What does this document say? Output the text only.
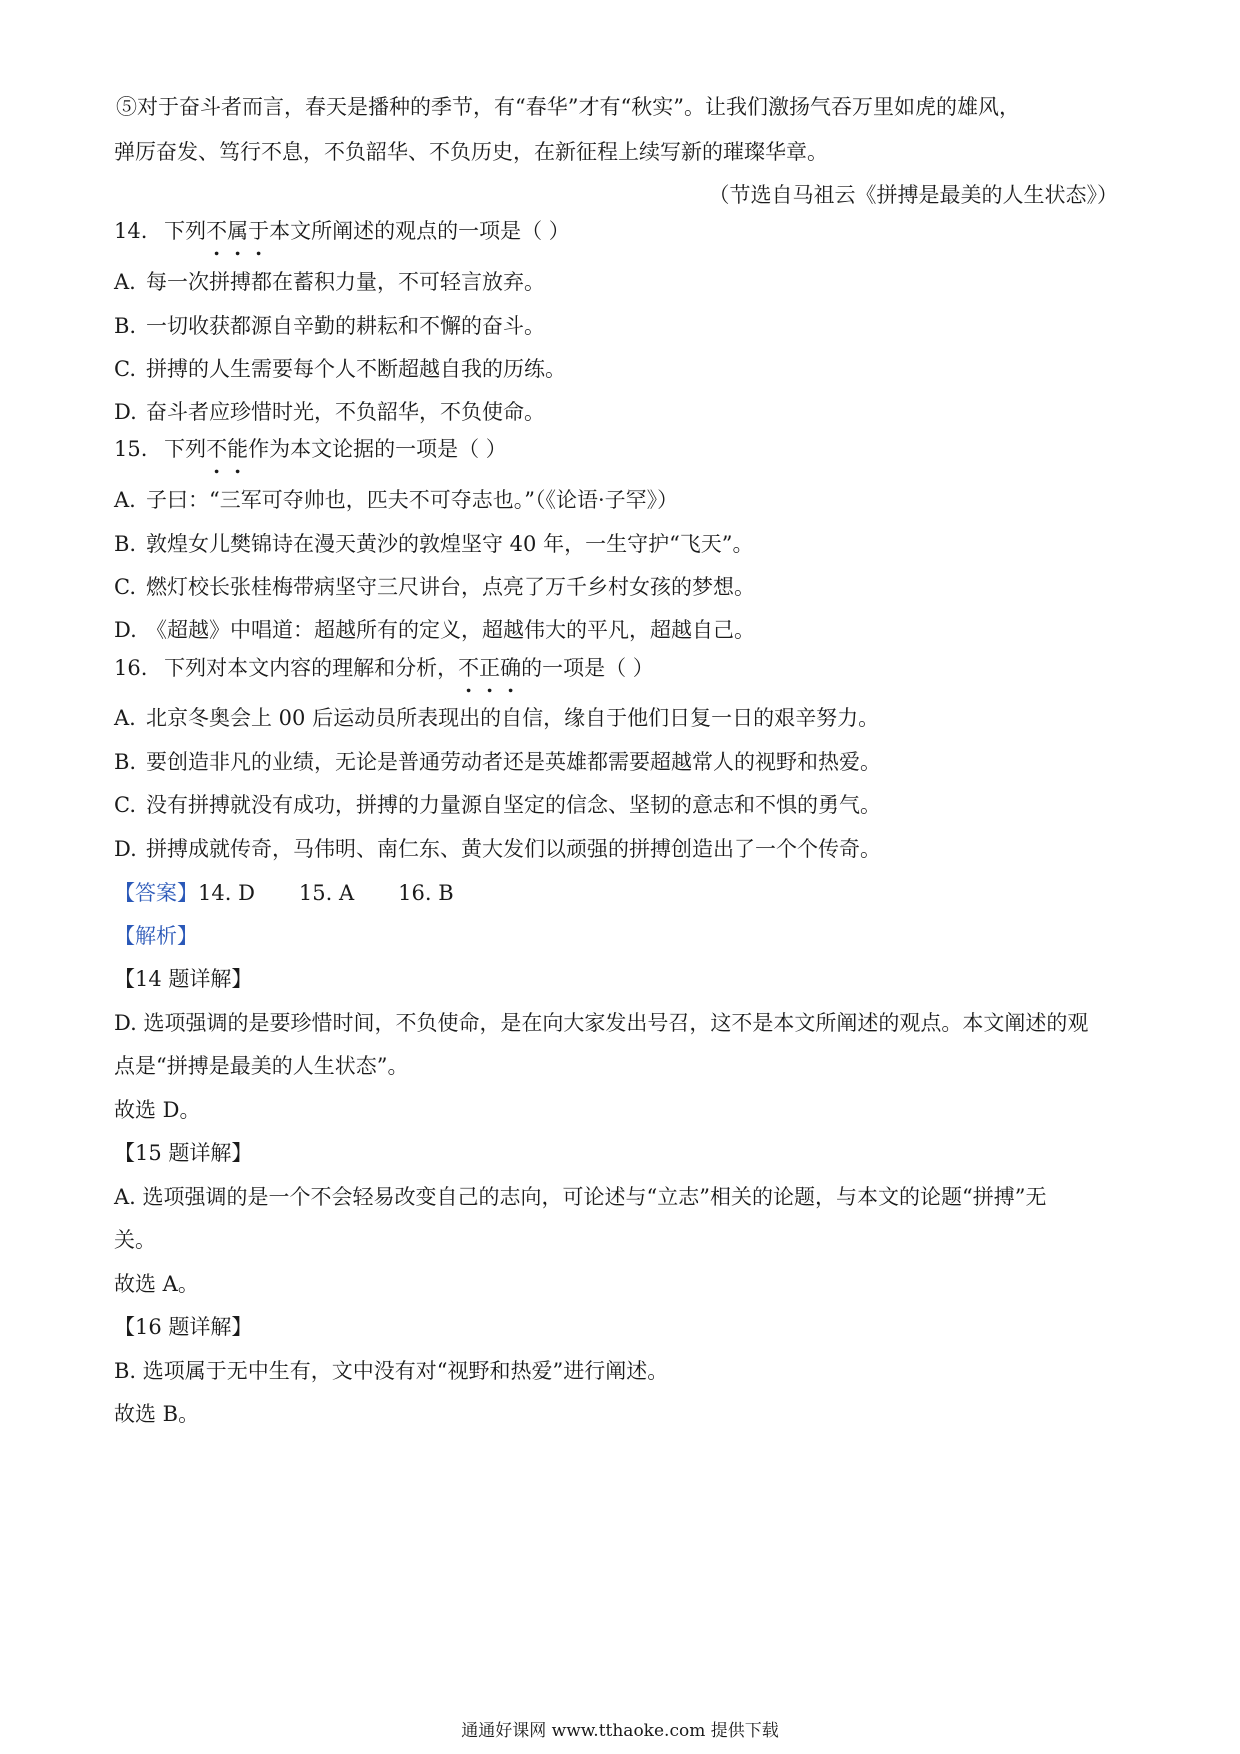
⑤对于奋斗者而言，春天是播种的季节，有“春华”才有“秋实”。让我们激扬气吞万里如虎的雄风，
弹厉奋发、笃行不息，不负韶华、不负历史，在新征程上续写新的璀璨华章。
（节选自马祖云《拼搏是最美的人生状态》）
14. 下列不属于本文所阐述的观点的一项是（ ）
A. 每一次拼搏都在蓄积力量，不可轻言放弃。
B. 一切收获都源自辛勤的耕耘和不懈的奋斗。
C. 拼搏的人生需要每个人不断超越自我的历练。
D. 奋斗者应珍惜时光，不负韶华，不负使命。
15. 下列不能作为本文论据的一项是（ ）
A. 子曰：“三军可夺帅也，匹夫不可夺志也。”（《论语·子罕》）
B. 敦煌女儿樊锦诗在漫天黄沙的敦煌坚守 40 年，一生守护“飞天”。
C. 燃灯校长张桂梅带病坚守三尺讲台，点亮了万千乡村女孩的梦想。
D. 《超越》中唱道：超越所有的定义，超越伟大的平凡，超越自己。
16. 下列对本文内容的理解和分析，不正确的一项是（ ）
A. 北京冬奥会上 00 后运动员所表现出的自信，缘自于他们日复一日的艰辛努力。
B. 要创造非凡的业绩，无论是普通劳动者还是英雄都需要超越常人的视野和热爱。
C. 没有拼搏就没有成功，拼搏的力量源自坚定的信念、坚韧的意志和不惧的勇气。
D. 拼搏成就传奇，马伟明、南仁东、黄大发们以顽强的拼搏创造出了一个个传奇。
【答案】14. D 15. A 16. B
【解析】
【14 题详解】
D. 选项强调的是要珍惜时间，不负使命，是在向大家发出号召，这不是本文所阐述的观点。本文阐述的观
点是“拼搏是最美的人生状态”。
故选 D。
【15 题详解】
A. 选项强调的是一个不会轻易改变自己的志向，可论述与“立志”相关的论题，与本文的论题“拼搏”无
关。
故选 A。
【16 题详解】
B. 选项属于无中生有，文中没有对“视野和热爱”进行阐述。
故选 B。
通通好课网 www.tthaoke.com 提供下载
